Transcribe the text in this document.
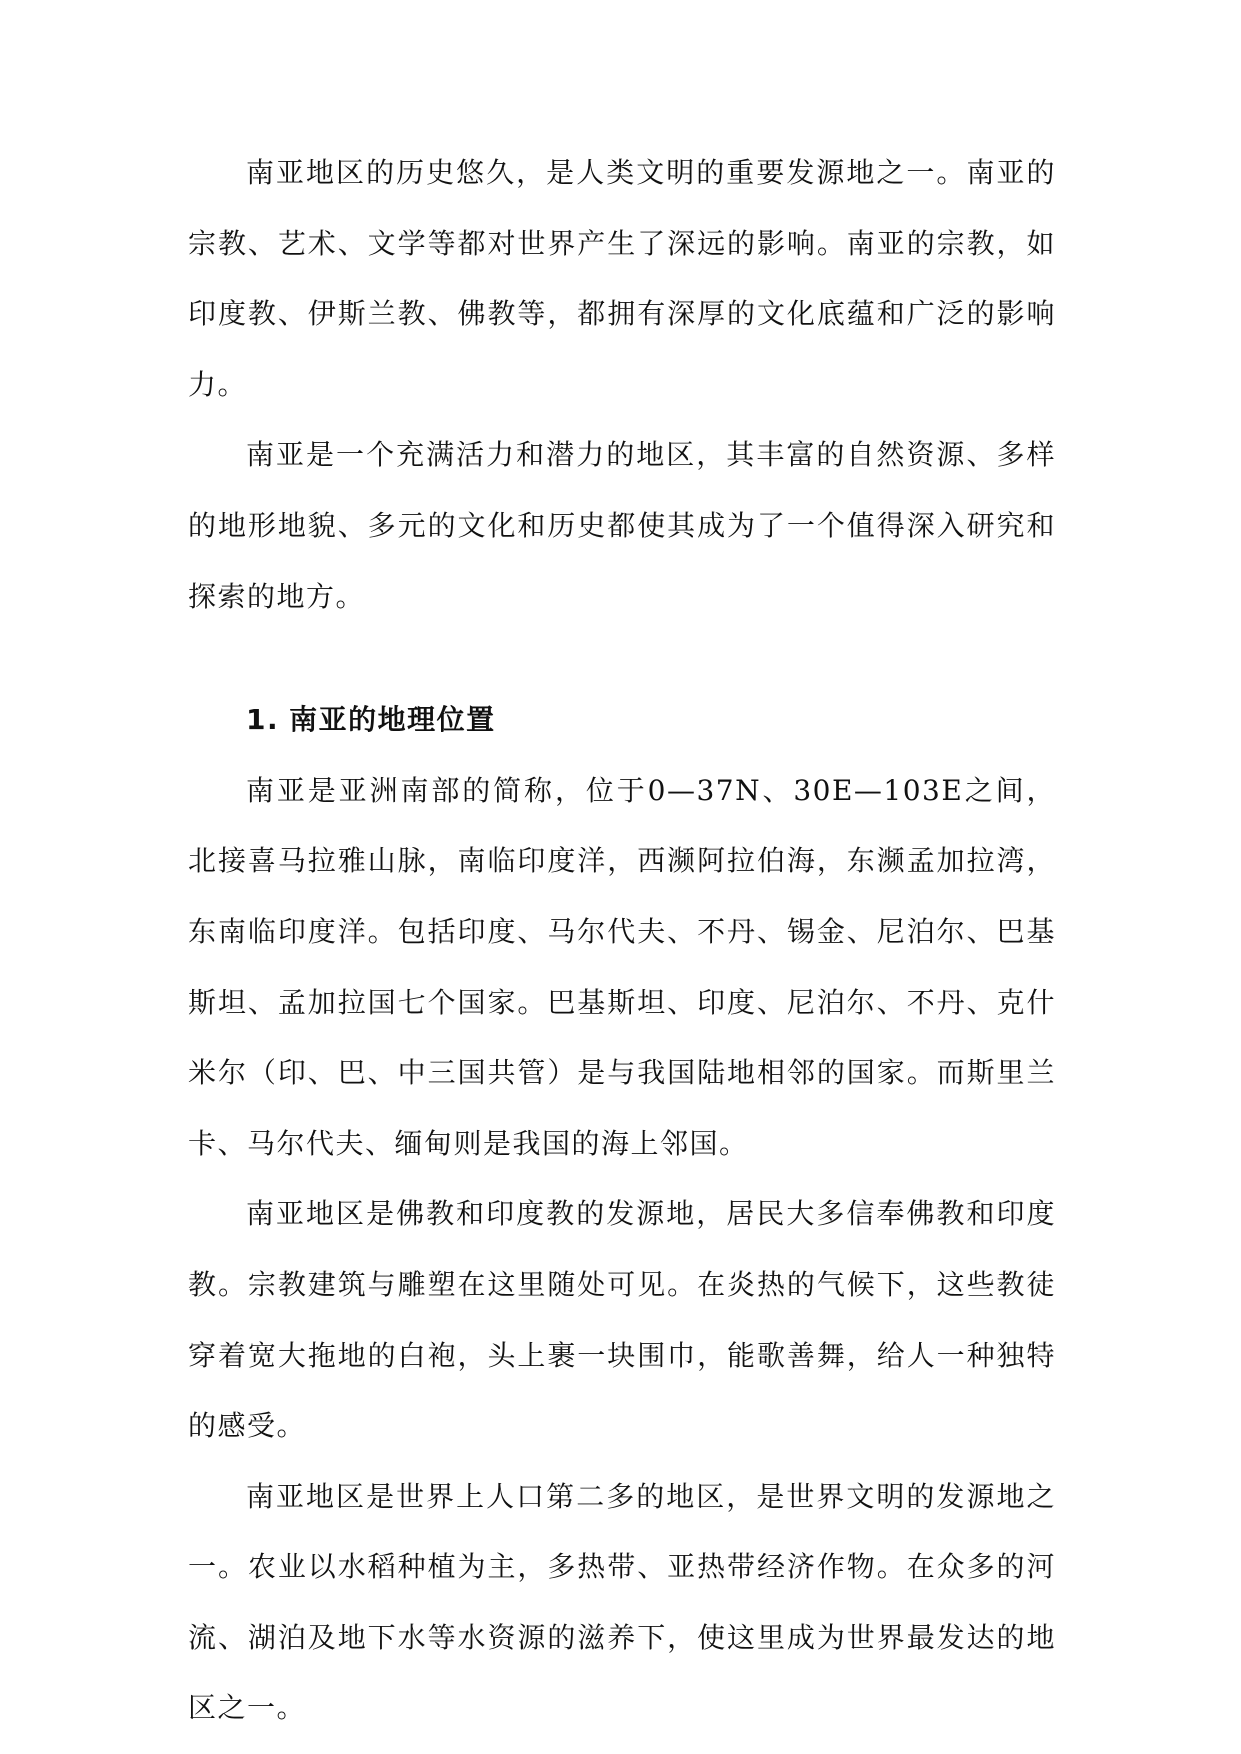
南亚地区的历史悠久，是人类文明的重要发源地之一。南亚的宗教、艺术、文学等都对世界产生了深远的影响。南亚的宗教，如印度教、伊斯兰教、佛教等，都拥有深厚的文化底蕴和广泛的影响力。

南亚是一个充满活力和潜力的地区，其丰富的自然资源、多样的地形地貌、多元的文化和历史都使其成为了一个值得深入研究和探索的地方。

1. 南亚的地理位置

南亚是亚洲南部的简称，位于0—37N、30E—103E之间，北接喜马拉雅山脉，南临印度洋，西濒阿拉伯海，东濒孟加拉湾，东南临印度洋。包括印度、马尔代夫、不丹、锡金、尼泊尔、巴基斯坦、孟加拉国七个国家。巴基斯坦、印度、尼泊尔、不丹、克什米尔（印、巴、中三国共管）是与我国陆地相邻的国家。而斯里兰卡、马尔代夫、缅甸则是我国的海上邻国。

南亚地区是佛教和印度教的发源地，居民大多信奉佛教和印度教。宗教建筑与雕塑在这里随处可见。在炎热的气候下，这些教徒穿着宽大拖地的白袍，头上裹一块围巾，能歌善舞，给人一种独特的感受。

南亚地区是世界上人口第二多的地区，是世界文明的发源地之一。农业以水稻种植为主，多热带、亚热带经济作物。在众多的河流、湖泊及地下水等水资源的滋养下，使这里成为世界最发达的地区之一。
